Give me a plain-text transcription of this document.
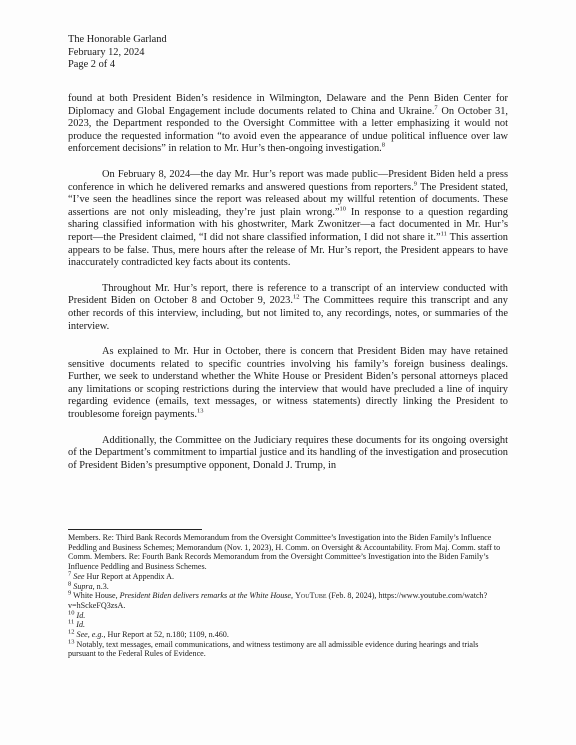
The Honorable Garland
February 12, 2024
Page 2 of 4

found at both President Biden’s residence in Wilmington, Delaware and the Penn Biden Center for Diplomacy and Global Engagement include documents related to China and Ukraine.$^7$ On October 31, 2023, the Department responded to the Oversight Committee with a letter emphasizing it would not produce the requested information “to avoid even the appearance of undue political influence over law enforcement decisions” in relation to Mr. Hur’s then-ongoing investigation.$^8$

On February 8, 2024—the day Mr. Hur’s report was made public—President Biden held a press conference in which he delivered remarks and answered questions from reporters.$^9$ The President stated, “I’ve seen the headlines since the report was released about my willful retention of documents. These assertions are not only misleading, they’re just plain wrong.”$^{10}$ In response to a question regarding sharing classified information with his ghostwriter, Mark Zwonitzer—a fact documented in Mr. Hur’s report—the President claimed, “I did not share classified information, I did not share it.”$^{11}$ This assertion appears to be false. Thus, mere hours after the release of Mr. Hur’s report, the President appears to have inaccurately contradicted key facts about its contents.

Throughout Mr. Hur’s report, there is reference to a transcript of an interview conducted with President Biden on October 8 and October 9, 2023.12 The Committees require this transcript and any other records of this interview, including, but not limited to, any recordings, notes, or summaries of the interview.

As explained to Mr. Hur in October, there is concern that President Biden may have retained sensitive documents related to specific countries involving his family’s foreign business dealings. Further, we seek to understand whether the White House or President Biden’s personal attorneys placed any limitations or scoping restrictions during the interview that would have precluded a line of inquiry regarding evidence (emails, text messages, or witness statements) directly linking the President to troublesome foreign payments.$^{13}$

Additionally, the Committee on the Judiciary requires these documents for its ongoing oversight of the Department’s commitment to impartial justice and its handling of the investigation and prosecution of President Biden’s presumptive opponent, Donald J. Trump, in

Members. Re: Third Bank Records Memorandum from the Oversight Committee’s Investigation into the Biden Family’s Influence Peddling and Business Schemes; Memorandum (Nov. 1, 2023), H. Comm. on Oversight & Accountability. From Maj. Comm. staff to Comm. Members. Re: Fourth Bank Records Memorandum from the Oversight Committee’s Investigation into the Biden Family’s Influence Peddling and Business Schemes.
$^7$ See Hur Report at Appendix A.
$^8$ Supra, n.3.
$^9$ White House, President Biden delivers remarks at the White House, YouTube (Feb. 8, 2024), https://www.youtube.com/watch?v=hSckeFQ3zsA.
$^{10}$ Id.
$^{11}$ Id.
$^{12}$ See, e.g., Hur Report at 52, n.180; 1109, n.460.
$^{13}$ Notably, text messages, email communications, and witness testimony are all admissible evidence during hearings and trials pursuant to the Federal Rules of Evidence.
